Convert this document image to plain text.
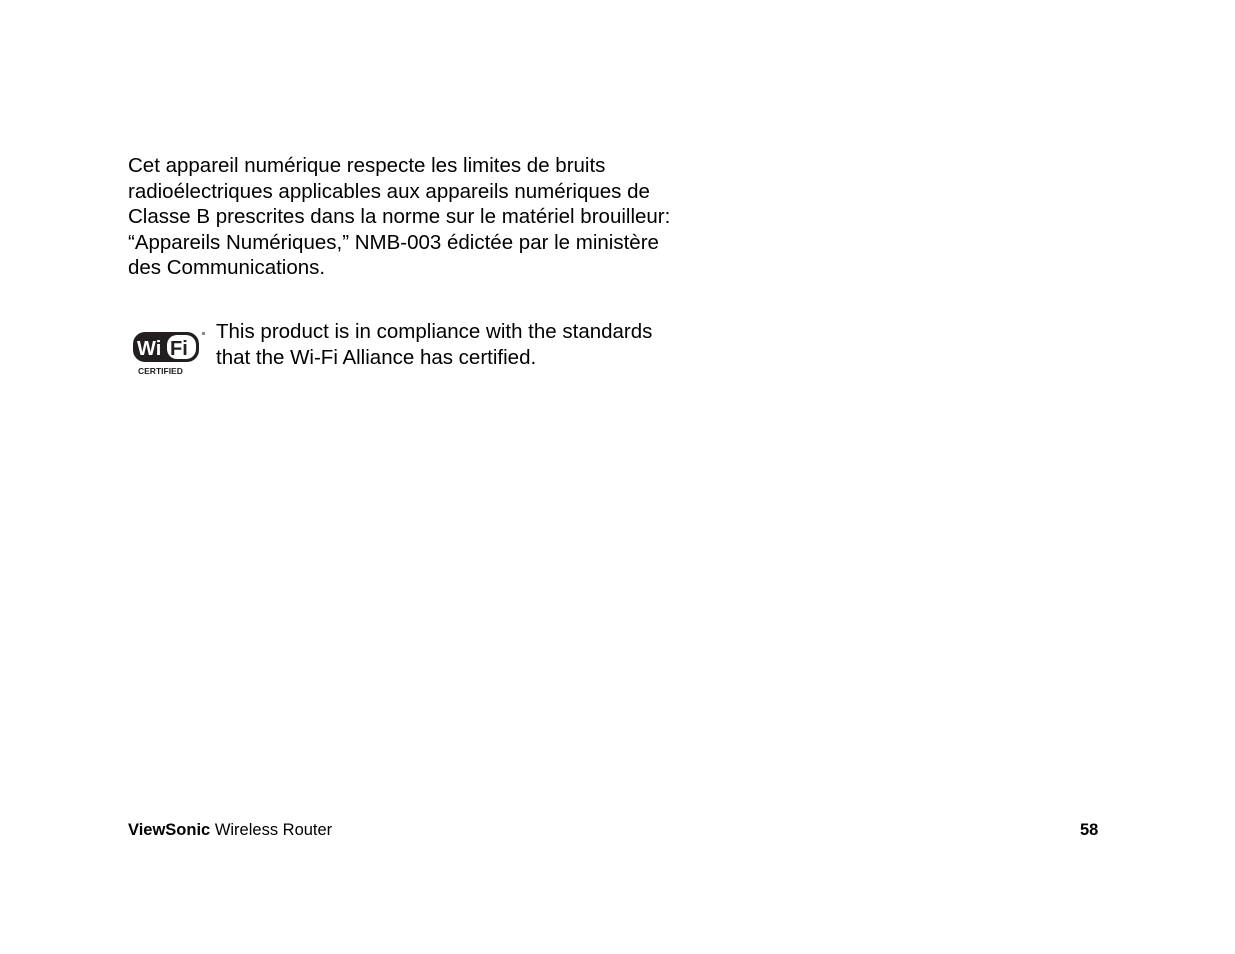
Cet appareil numérique respecte les limites de bruits
radioélectriques applicables aux appareils numériques de
Classe B prescrites dans la norme sur le matériel brouilleur:
“Appareils Numériques,” NMB-003 édictée par le ministère
des Communications.

Wi Fi
CERTIFIED

This product is in compliance with the standards
that the Wi-Fi Alliance has certified.

ViewSonic Wireless Router	58
